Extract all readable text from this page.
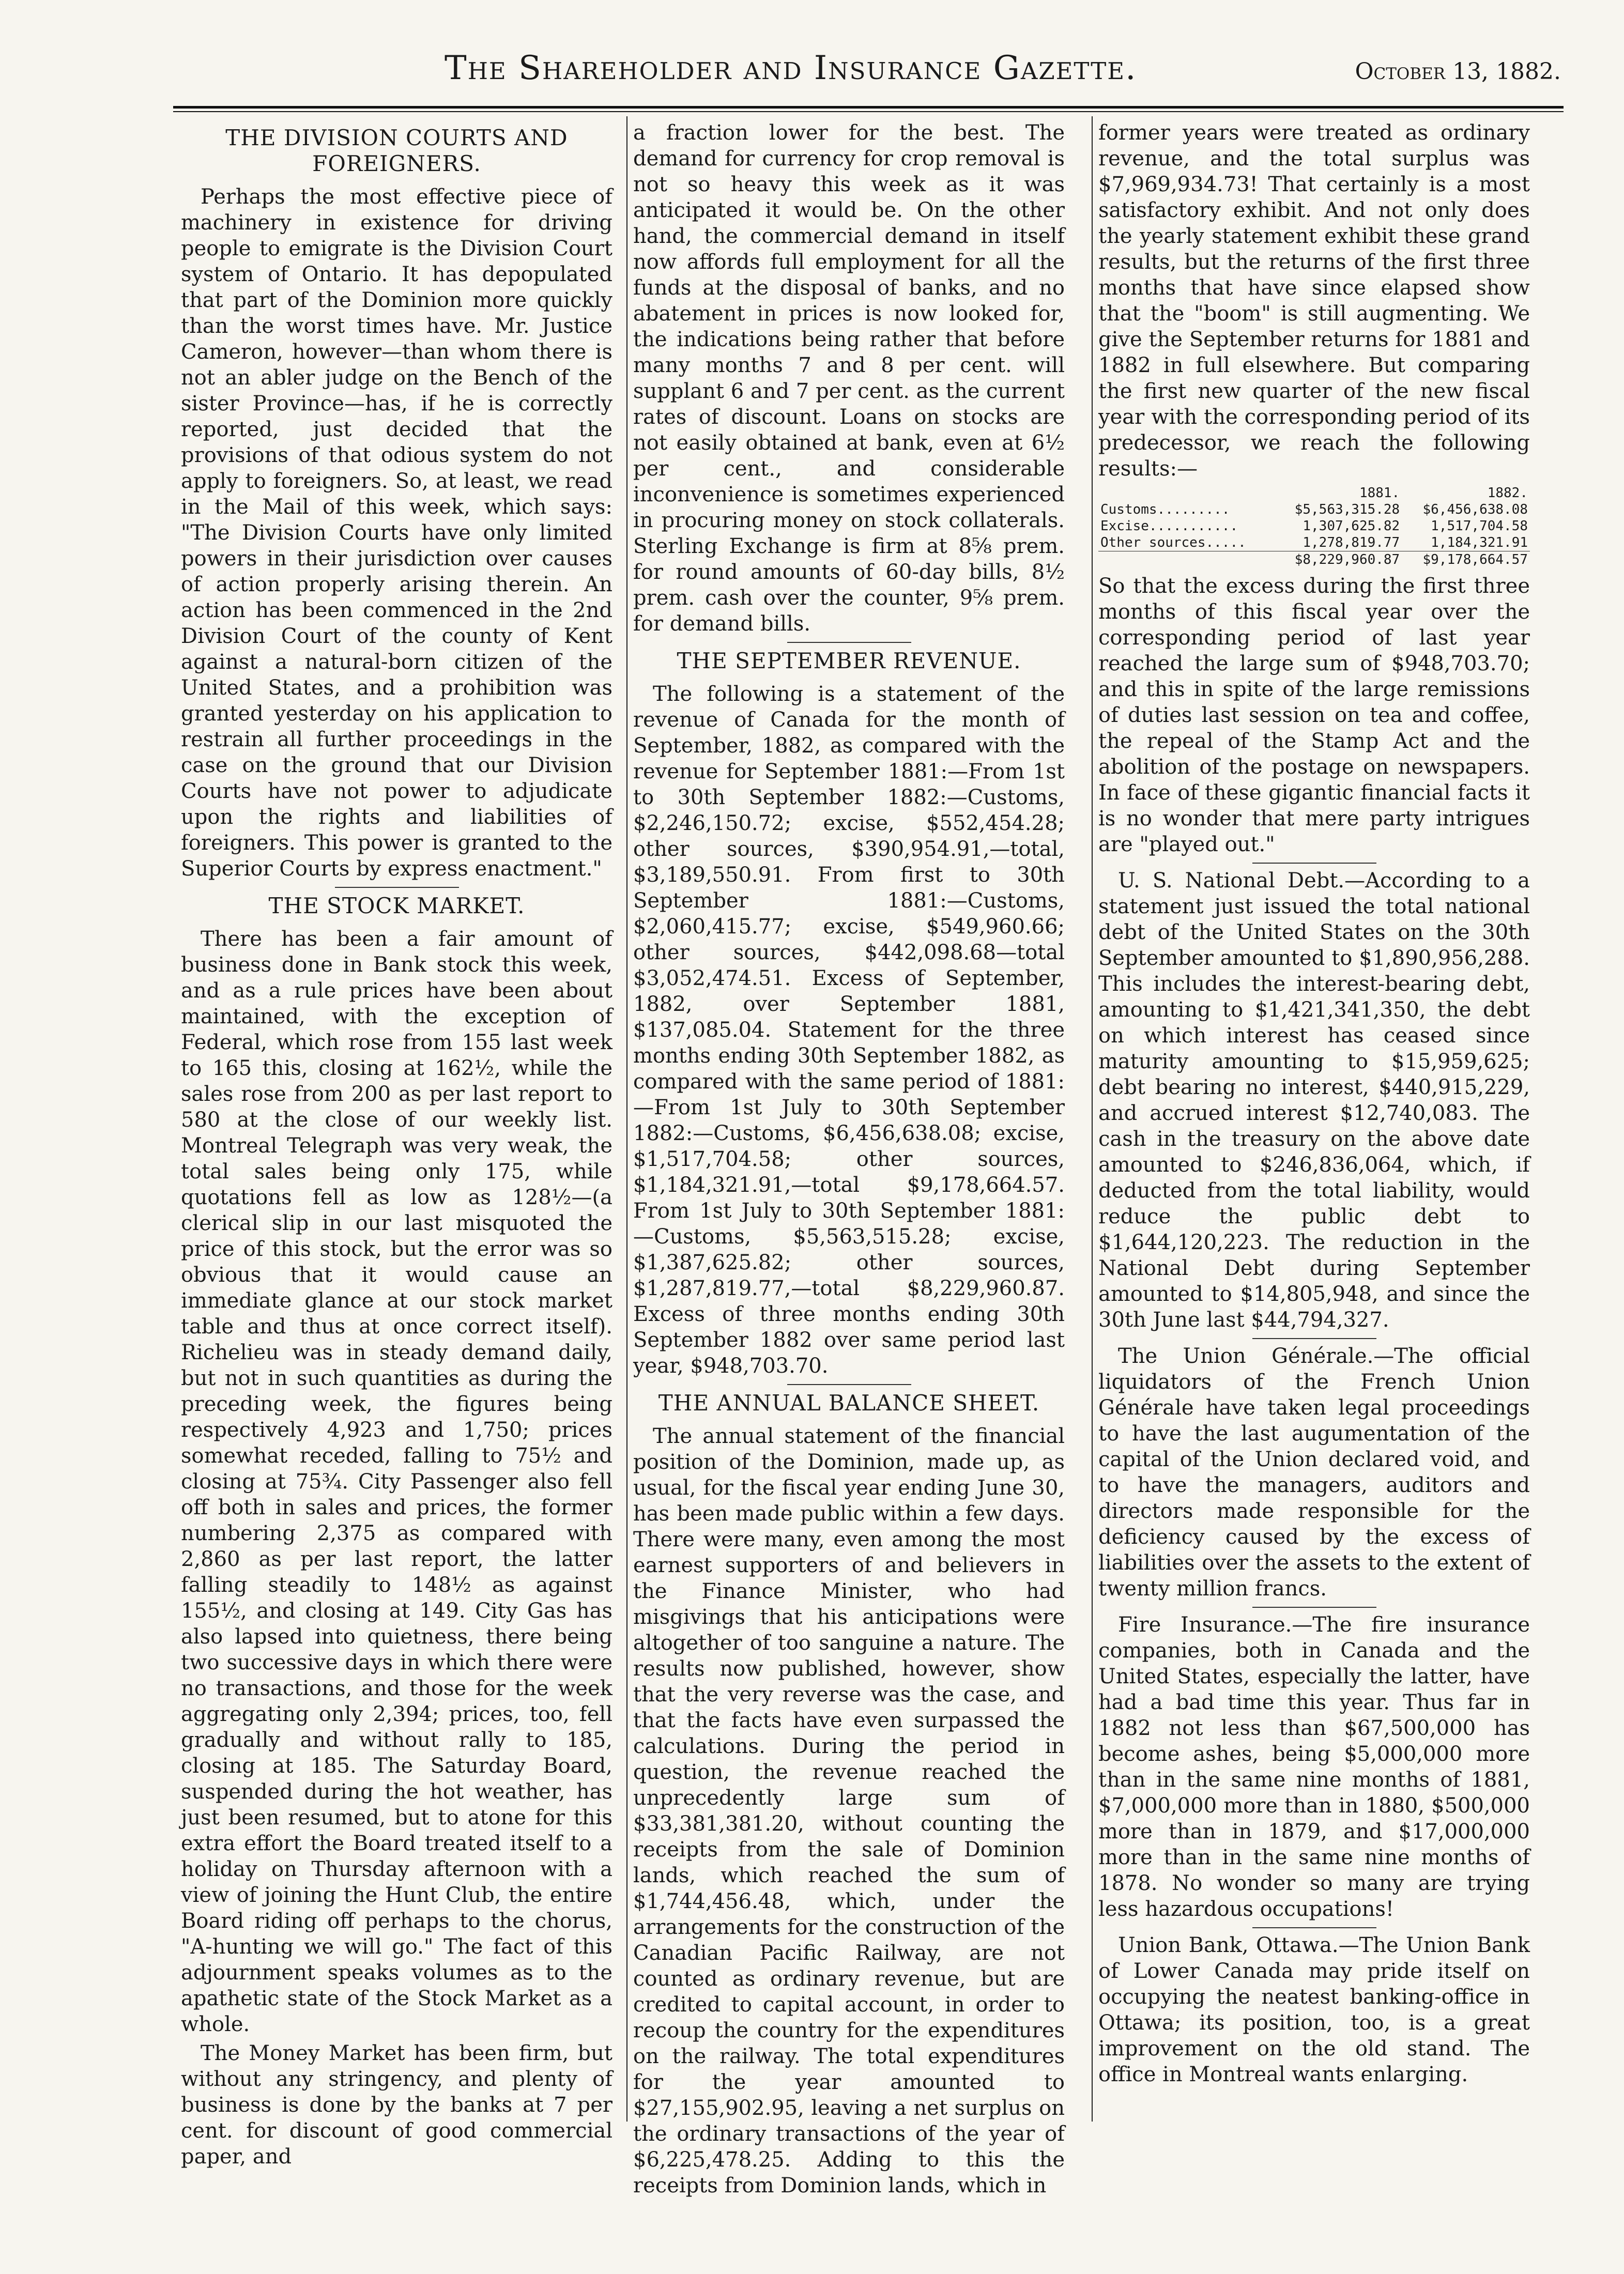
The Shareholder and Insurance Gazette.	October 13, 1882.
THE DIVISION COURTS AND FOREIGNERS.

Perhaps the most effective piece of machinery in existence for driving people to emigrate is the Division Court system of Ontario. It has depopulated that part of the Dominion more quickly than the worst times have. Mr. Justice Cameron, however—than whom there is not an abler judge on the Bench of the sister Province—has, if he is correctly reported, just decided that the provisions of that odious system do not apply to foreigners. So, at least, we read in the Mail of this week, which says: "The Division Courts have only limited powers in their jurisdiction over causes of action properly arising therein. An action has been commenced in the 2nd Division Court of the county of Kent against a natural-born citizen of the United States, and a prohibition was granted yesterday on his application to restrain all further proceedings in the case on the ground that our Division Courts have not power to adjudicate upon the rights and liabilities of foreigners. This power is granted to the Superior Courts by express enactment."

THE STOCK MARKET.

There has been a fair amount of business done in Bank stock this week, and as a rule prices have been about maintained, with the exception of Federal, which rose from 155 last week to 165 this, closing at 162½, while the sales rose from 200 as per last report to 580 at the close of our weekly list. Montreal Telegraph was very weak, the total sales being only 175, while quotations fell as low as 128½—(a clerical slip in our last misquoted the price of this stock, but the error was so obvious that it would cause an immediate glance at our stock market table and thus at once correct itself). Richelieu was in steady demand daily, but not in such quantities as during the preceding week, the figures being respectively 4,923 and 1,750; prices somewhat receded, falling to 75½ and closing at 75¾. City Passenger also fell off both in sales and prices, the former numbering 2,375 as compared with 2,860 as per last report, the latter falling steadily to 148½ as against 155½, and closing at 149. City Gas has also lapsed into quietness, there being two successive days in which there were no transactions, and those for the week aggregating only 2,394; prices, too, fell gradually and without rally to 185, closing at 185. The Saturday Board, suspended during the hot weather, has just been resumed, but to atone for this extra effort the Board treated itself to a holiday on Thursday afternoon with a view of joining the Hunt Club, the entire Board riding off perhaps to the chorus, "A-hunting we will go." The fact of this adjournment speaks volumes as to the apathetic state of the Stock Market as a whole.

The Money Market has been firm, but without any stringency, and plenty of business is done by the banks at 7 per cent. for discount of good commercial paper, and

a fraction lower for the best. The demand for currency for crop removal is not so heavy this week as it was anticipated it would be. On the other hand, the commercial demand in itself now affords full employment for all the funds at the disposal of banks, and no abatement in prices is now looked for, the indications being rather that before many months 7 and 8 per cent. will supplant 6 and 7 per cent. as the current rates of discount. Loans on stocks are not easily obtained at bank, even at 6½ per cent., and considerable inconvenience is sometimes experienced in procuring money on stock collaterals. Sterling Exchange is firm at 8⅝ prem. for round amounts of 60-day bills, 8½ prem. cash over the counter, 9⅝ prem. for demand bills.

THE SEPTEMBER REVENUE.

The following is a statement of the revenue of Canada for the month of September, 1882, as compared with the revenue for September 1881:—From 1st to 30th September 1882:—Customs, $2,246,150.72; excise, $552,454.28; other sources, $390,954.91,—total, $3,189,550.91. From first to 30th September 1881:—Customs, $2,060,415.77; excise, $549,960.66; other sources, $442,098.68—total $3,052,474.51. Excess of September, 1882, over September 1881, $137,085.04. Statement for the three months ending 30th September 1882, as compared with the same period of 1881:—From 1st July to 30th September 1882:—Customs, $6,456,638.08; excise, $1,517,704.58; other sources, $1,184,321.91,—total $9,178,664.57. From 1st July to 30th September 1881:—Customs, $5,563,515.28; excise, $1,387,625.82; other sources, $1,287,819.77,—total $8,229,960.87. Excess of three months ending 30th September 1882 over same period last year, $948,703.70.

THE ANNUAL BALANCE SHEET.

The annual statement of the financial position of the Dominion, made up, as usual, for the fiscal year ending June 30, has been made public within a few days. There were many, even among the most earnest supporters of and believers in the Finance Minister, who had misgivings that his anticipations were altogether of too sanguine a nature. The results now published, however, show that the very reverse was the case, and that the facts have even surpassed the calculations. During the period in question, the revenue reached the unprecedently large sum of $33,381,381.20, without counting the receipts from the sale of Dominion lands, which reached the sum of $1,744,456.48, which, under the arrangements for the construction of the Canadian Pacific Railway, are not counted as ordinary revenue, but are credited to capital account, in order to recoup the country for the expenditures on the railway. The total expenditures for the year amounted to $27,155,902.95, leaving a net surplus on the ordinary transactions of the year of $6,225,478.25. Adding to this the receipts from Dominion lands, which in

former years were treated as ordinary revenue, and the total surplus was $7,969,934.73! That certainly is a most satisfactory exhibit. And not only does the yearly statement exhibit these grand results, but the returns of the first three months that have since elapsed show that the "boom" is still augmenting. We give the September returns for 1881 and 1882 in full elsewhere. But comparing the first new quarter of the new fiscal year with the corresponding period of its predecessor, we reach the following results:—

	1881.	1882.
Customs.........	$5,563,315.28	$6,456,638.08
Excise...........	1,307,625.82	1,517,704.58
Other sources.....	1,278,819.77	1,184,321.91
	$8,229,960.87	$9,178,664.57

So that the excess during the first three months of this fiscal year over the corresponding period of last year reached the large sum of $948,703.70; and this in spite of the large remissions of duties last session on tea and coffee, the repeal of the Stamp Act and the abolition of the postage on newspapers. In face of these gigantic financial facts it is no wonder that mere party intrigues are "played out."

U. S. National Debt.—According to a statement just issued the total national debt of the United States on the 30th September amounted to $1,890,956,288. This includes the interest-bearing debt, amounting to $1,421,341,350, the debt on which interest has ceased since maturity amounting to $15,959,625; debt bearing no interest, $440,915,229, and accrued interest $12,740,083. The cash in the treasury on the above date amounted to $246,836,064, which, if deducted from the total liability, would reduce the public debt to $1,644,120,223. The reduction in the National Debt during September amounted to $14,805,948, and since the 30th June last $44,794,327.

The Union Générale.—The official liquidators of the French Union Générale have taken legal proceedings to have the last augumentation of the capital of the Union declared void, and to have the managers, auditors and directors made responsible for the deficiency caused by the excess of liabilities over the assets to the extent of twenty million francs.

Fire Insurance.—The fire insurance companies, both in Canada and the United States, especially the latter, have had a bad time this year. Thus far in 1882 not less than $67,500,000 has become ashes, being $5,000,000 more than in the same nine months of 1881, $7,000,000 more than in 1880, $500,000 more than in 1879, and $17,000,000 more than in the same nine months of 1878. No wonder so many are trying less hazardous occupations!

Union Bank, Ottawa.—The Union Bank of Lower Canada may pride itself on occupying the neatest banking-office in Ottawa; its position, too, is a great improvement on the old stand. The office in Montreal wants enlarging.
